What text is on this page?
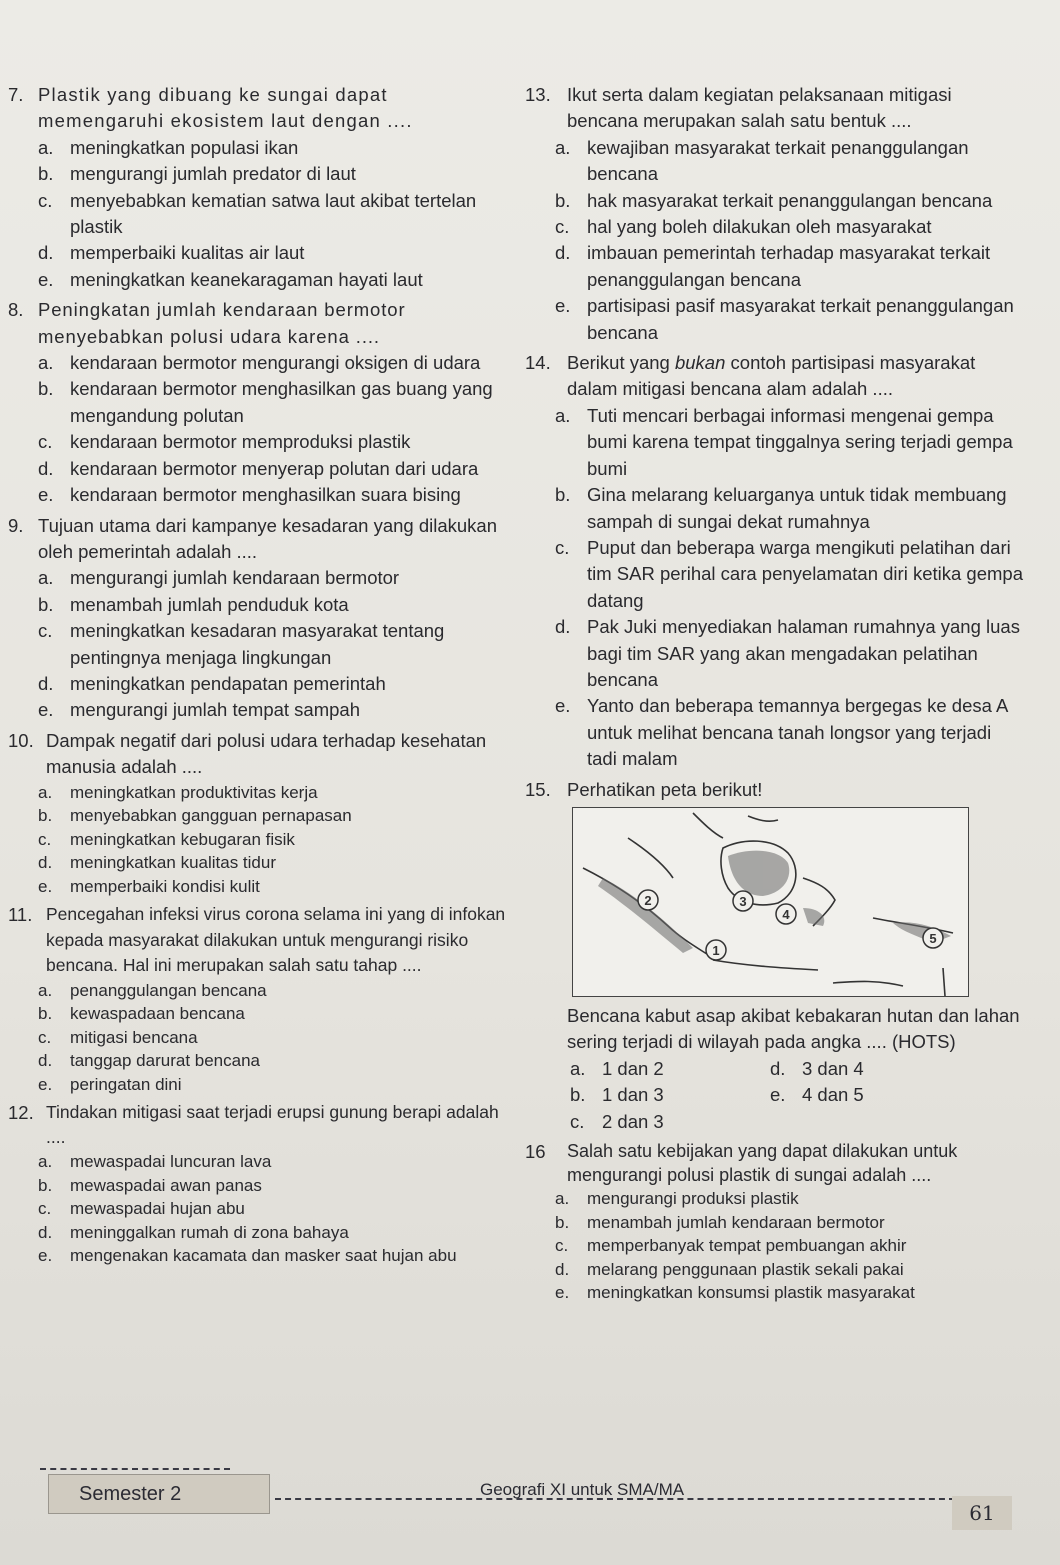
7. Plastik yang dibuang ke sungai dapat memengaruhi ekosistem laut dengan ....
a. meningkatkan populasi ikan
b. mengurangi jumlah predator di laut
c. menyebabkan kematian satwa laut akibat tertelan plastik
d. memperbaiki kualitas air laut
e. meningkatkan keanekaragaman hayati laut
8. Peningkatan jumlah kendaraan bermotor menyebabkan polusi udara karena ....
a. kendaraan bermotor mengurangi oksigen di udara
b. kendaraan bermotor menghasilkan gas buang yang mengandung polutan
c. kendaraan bermotor memproduksi plastik
d. kendaraan bermotor menyerap polutan dari udara
e. kendaraan bermotor menghasilkan suara bising
9. Tujuan utama dari kampanye kesadaran yang dilakukan oleh pemerintah adalah ....
a. mengurangi jumlah kendaraan bermotor
b. menambah jumlah penduduk kota
c. meningkatkan kesadaran masyarakat tentang pentingnya menjaga lingkungan
d. meningkatkan pendapatan pemerintah
e. mengurangi jumlah tempat sampah
10. Dampak negatif dari polusi udara terhadap kesehatan manusia adalah ....
a.	meningkatkan produktivitas kerja
b.	menyebabkan gangguan pernapasan
c.	meningkatkan kebugaran fisik
d.	meningkatkan kualitas tidur
e.	memperbaiki kondisi kulit
11. Pencegahan infeksi virus corona selama ini yang di infokan kepada masyarakat dilakukan untuk mengurangi risiko bencana. Hal ini merupakan salah satu tahap ....
a.	penanggulangan bencana
b.	kewaspadaan bencana
c.	mitigasi bencana
d.	tanggap darurat bencana
e.	peringatan dini
12. Tindakan mitigasi saat terjadi erupsi gunung berapi adalah ....
a.	mewaspadai luncuran lava
b.	mewaspadai awan panas
c.	mewaspadai hujan abu
d.	meninggalkan rumah di zona bahaya
e.	mengenakan kacamata dan masker saat hujan abu
13. Ikut serta dalam kegiatan pelaksanaan mitigasi bencana merupakan salah satu bentuk ....
a. kewajiban masyarakat terkait penanggulangan bencana
b. hak masyarakat terkait penanggulangan bencana
c. hal yang boleh dilakukan oleh masyarakat
d. imbauan pemerintah terhadap masyarakat terkait penanggulangan bencana
e. partisipasi pasif masyarakat terkait penanggulangan bencana
14. Berikut yang bukan contoh partisipasi masyarakat dalam mitigasi bencana alam adalah ....
a. Tuti mencari berbagai informasi mengenai gempa bumi karena tempat tinggalnya sering terjadi gempa bumi
b. Gina melarang keluarganya untuk tidak membuang sampah di sungai dekat rumahnya
c. Puput dan beberapa warga mengikuti pelatihan dari tim SAR perihal cara penyelamatan diri ketika gempa datang
d. Pak Juki menyediakan halaman rumahnya yang luas bagi tim SAR yang akan mengadakan pelatihan bencana
e. Yanto dan beberapa temannya bergegas ke desa A untuk melihat bencana tanah longsor yang terjadi tadi malam
15. Perhatikan peta berikut!
2	3
4
1
5
Bencana kabut asap akibat kebakaran hutan dan lahan sering terjadi di wilayah pada angka .... (HOTS)
a. 1 dan 2	d. 3 dan 4
b. 1 dan 3	e. 4 dan 5
c. 2 dan 3
16	Salah satu kebijakan yang dapat dilakukan untuk mengurangi polusi plastik di sungai adalah ....
a.	mengurangi produksi plastik
b.	menambah jumlah kendaraan bermotor
c.	memperbanyak tempat pembuangan akhir
d.	melarang penggunaan plastik sekali pakai
e.	meningkatkan konsumsi plastik masyarakat
Semester 2	Geografi XI untuk SMA/MA
61
